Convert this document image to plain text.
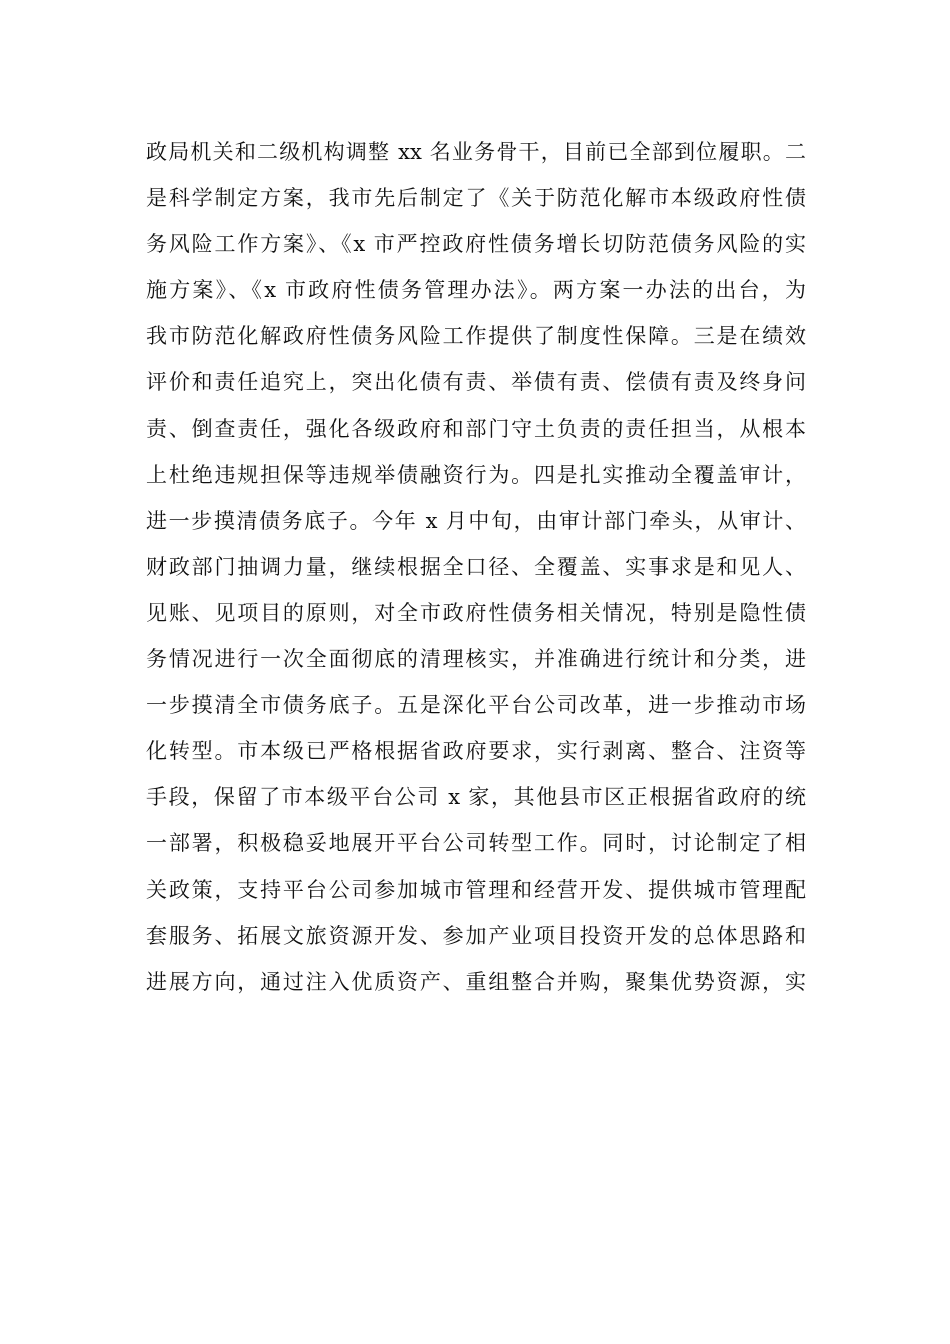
政局机关和二级机构调整 xx 名业务骨干，目前已全部到位履职。二
是科学制定方案，我市先后制定了《关于防范化解市本级政府性债
务风险工作方案》、《x 市严控政府性债务增长切防范债务风险的实
施方案》、《x 市政府性债务管理办法》。两方案一办法的出台，为
我市防范化解政府性债务风险工作提供了制度性保障。三是在绩效
评价和责任追究上，突出化债有责、举债有责、偿债有责及终身问
责、倒查责任，强化各级政府和部门守土负责的责任担当，从根本
上杜绝违规担保等违规举债融资行为。四是扎实推动全覆盖审计，
进一步摸清债务底子。今年 x 月中旬，由审计部门牵头，从审计、
财政部门抽调力量，继续根据全口径、全覆盖、实事求是和见人、
见账、见项目的原则，对全市政府性债务相关情况，特别是隐性债
务情况进行一次全面彻底的清理核实，并准确进行统计和分类，进
一步摸清全市债务底子。五是深化平台公司改革，进一步推动市场
化转型。市本级已严格根据省政府要求，实行剥离、整合、注资等
手段，保留了市本级平台公司 x 家，其他县市区正根据省政府的统
一部署，积极稳妥地展开平台公司转型工作。同时，讨论制定了相
关政策，支持平台公司参加城市管理和经营开发、提供城市管理配
套服务、拓展文旅资源开发、参加产业项目投资开发的总体思路和
进展方向，通过注入优质资产、重组整合并购，聚集优势资源，实
